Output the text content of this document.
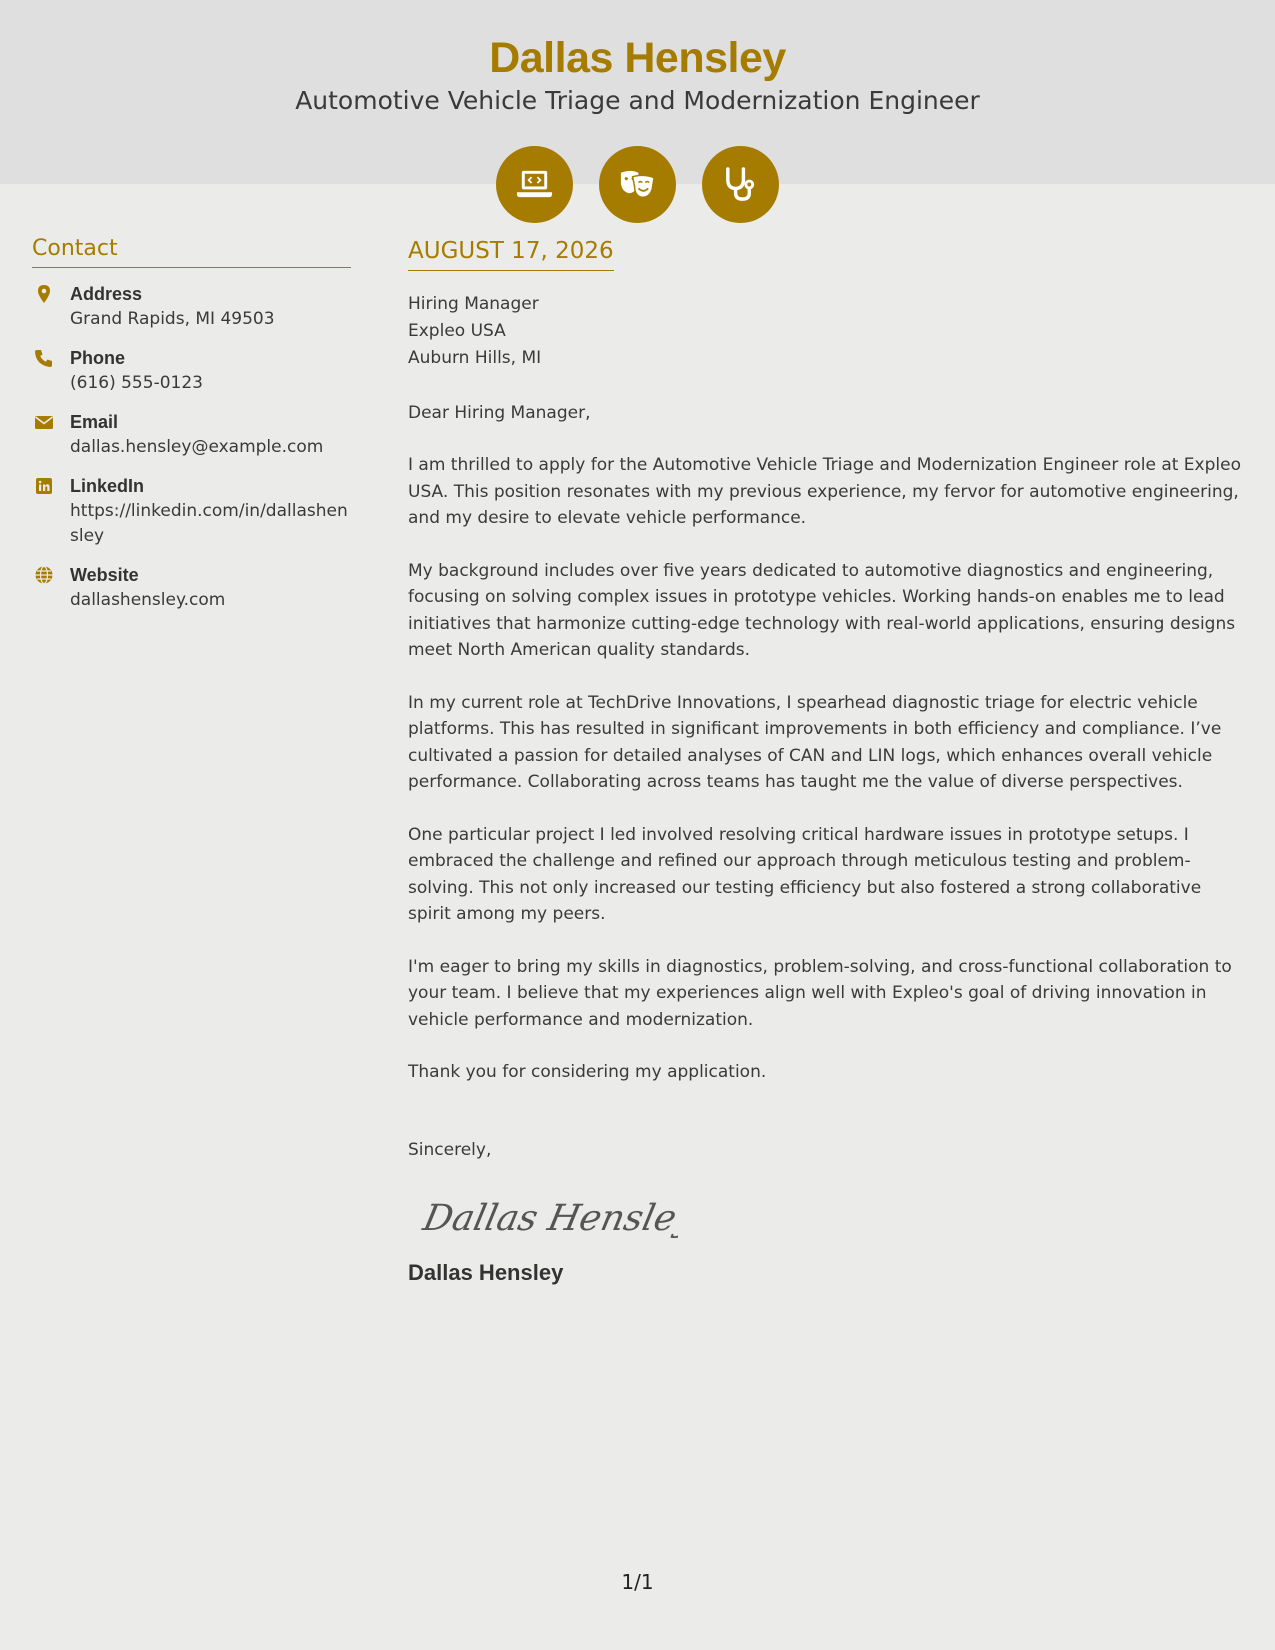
Dallas Hensley
Automotive Vehicle Triage and Modernization Engineer

Contact
Address
Grand Rapids, MI 49503
Phone
(616) 555-0123
Email
dallas.hensley@example.com
LinkedIn
https://linkedin.com/in/dallashensley
Website
dallashensley.com
AUGUST 17, 2026
Hiring Manager
Expleo USA
Auburn Hills, MI
Dear Hiring Manager,
I am thrilled to apply for the Automotive Vehicle Triage and Modernization Engineer role at Expleo USA. This position resonates with my previous experience, my fervor for automotive engineering, and my desire to elevate vehicle performance.
My background includes over five years dedicated to automotive diagnostics and engineering, focusing on solving complex issues in prototype vehicles. Working hands-on enables me to lead initiatives that harmonize cutting-edge technology with real-world applications, ensuring designs meet North American quality standards.
In my current role at TechDrive Innovations, I spearhead diagnostic triage for electric vehicle platforms. This has resulted in significant improvements in both efficiency and compliance. I’ve cultivated a passion for detailed analyses of CAN and LIN logs, which enhances overall vehicle performance. Collaborating across teams has taught me the value of diverse perspectives.
One particular project I led involved resolving critical hardware issues in prototype setups. I embraced the challenge and refined our approach through meticulous testing and problem-solving. This not only increased our testing efficiency but also fostered a strong collaborative spirit among my peers.
I'm eager to bring my skills in diagnostics, problem-solving, and cross-functional collaboration to your team. I believe that my experiences align well with Expleo's goal of driving innovation in vehicle performance and modernization.
Thank you for considering my application.
Sincerely,
Dallas Hensley
Dallas Hensley
1/1
